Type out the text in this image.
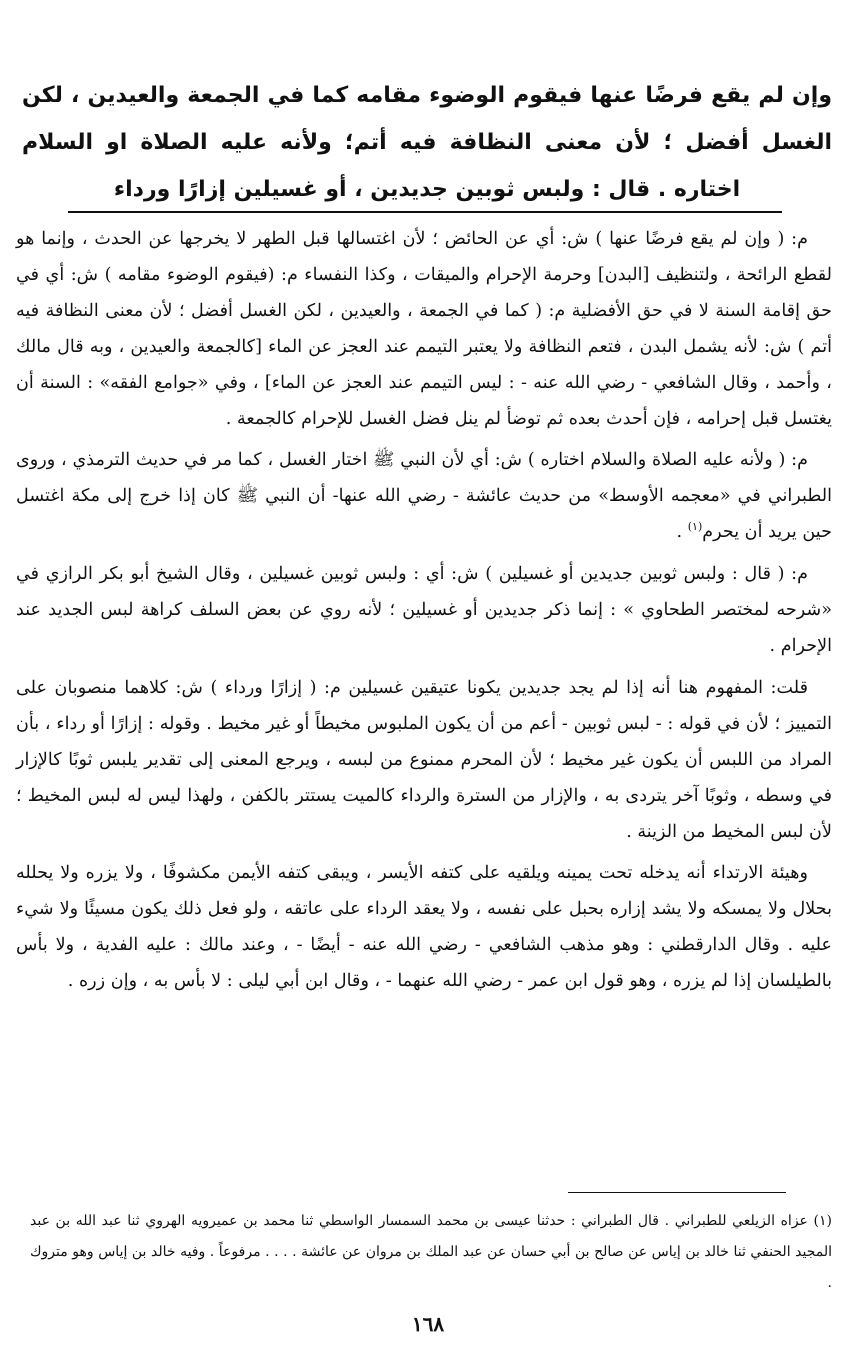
وإن لم يقع فرضًا عنها فيقوم الوضوء مقامه كما في الجمعة والعيدين ، لكن الغسل أفضل ؛ لأن معنى النظافة فيه أتم؛ ولأنه عليه الصلاة او السلام اختاره . قال : ولبس ثوبين جديدين ، أو غسيلين إزارًا ورداء

م: ( وإن لم يقع فرضًا عنها ) ش: أي عن الحائض ؛ لأن اغتسالها قبل الطهر لا يخرجها عن الحدث ، وإنما هو لقطع الرائحة ، ولتنظيف [البدن] وحرمة الإحرام والميقات ، وكذا النفساء م: (فيقوم الوضوء مقامه ) ش: أي في حق إقامة السنة لا في حق الأفضلية م: ( كما في الجمعة ، والعيدين ، لكن الغسل أفضل ؛ لأن معنى النظافة فيه أتم ) ش: لأنه يشمل البدن ، فتعم النظافة ولا يعتبر التيمم عند العجز عن الماء [كالجمعة والعيدين ، وبه قال مالك ، وأحمد ، وقال الشافعي - رضي الله عنه - : ليس التيمم عند العجز عن الماء] ، وفي «جوامع الفقه» : السنة أن يغتسل قبل إحرامه ، فإن أحدث بعده ثم توضأ لم ينل فضل الغسل للإحرام كالجمعة .

م: ( ولأنه عليه الصلاة والسلام اختاره ) ش: أي لأن النبي ﷺ اختار الغسل ، كما مر في حديث الترمذي ، وروى الطبراني في «معجمه الأوسط» من حديث عائشة - رضي الله عنها- أن النبي ﷺ كان إذا خرج إلى مكة اغتسل حين يريد أن يحرم$^{(١)}$ .

م: ( قال : ولبس ثوبين جديدين أو غسيلين ) ش: أي : ولبس ثوبين غسيلين ، وقال الشيخ أبو بكر الرازي في «شرحه لمختصر الطحاوي » : إنما ذكر جديدين أو غسيلين ؛ لأنه روي عن بعض السلف كراهة لبس الجديد عند الإحرام .

قلت: المفهوم هنا أنه إذا لم يجد جديدين يكونا عتيقين غسيلين م: ( إزارًا ورداء ) ش: كلاهما منصوبان على التمييز ؛ لأن في قوله : - لبس ثوبين - أعم من أن يكون الملبوس مخيطاً أو غير مخيط . وقوله : إزارًا أو رداء ، بأن المراد من اللبس أن يكون غير مخيط ؛ لأن المحرم ممنوع من لبسه ، ويرجع المعنى إلى تقدير يلبس ثوبًا كالإزار في وسطه ، وثوبًا آخر يتردى به ، والإزار من السترة والرداء كالميت يستتر بالكفن ، ولهذا ليس له لبس المخيط ؛ لأن لبس المخيط من الزينة .

وهيئة الارتداء أنه يدخله تحت يمينه ويلقيه على كتفه الأيسر ، ويبقى كتفه الأيمن مكشوفًا ، ولا يزره ولا يحلله بحلال ولا يمسكه ولا يشد إزاره بحبل على نفسه ، ولا يعقد الرداء على عاتقه ، ولو فعل ذلك يكون مسيئًا ولا شيء عليه . وقال الدارقطني : وهو مذهب الشافعي - رضي الله عنه - أيضًا - ، وعند مالك : عليه الفدية ، ولا بأس بالطيلسان إذا لم يزره ، وهو قول ابن عمر - رضي الله عنهما - ، وقال ابن أبي ليلى : لا بأس به ، وإن زره .

(١) عزاه الزيلعي للطبراني . قال الطبراني : حدثنا عيسى بن محمد السمسار الواسطي ثنا محمد بن عميرويه الهروي ثنا عبد الله بن عبد المجيد الحنفي ثنا خالد بن إياس عن صالح بن أبي حسان عن عبد الملك بن مروان عن عائشة . . . . مرفوعاً . وفيه خالد بن إياس وهو متروك .
١٦٨
